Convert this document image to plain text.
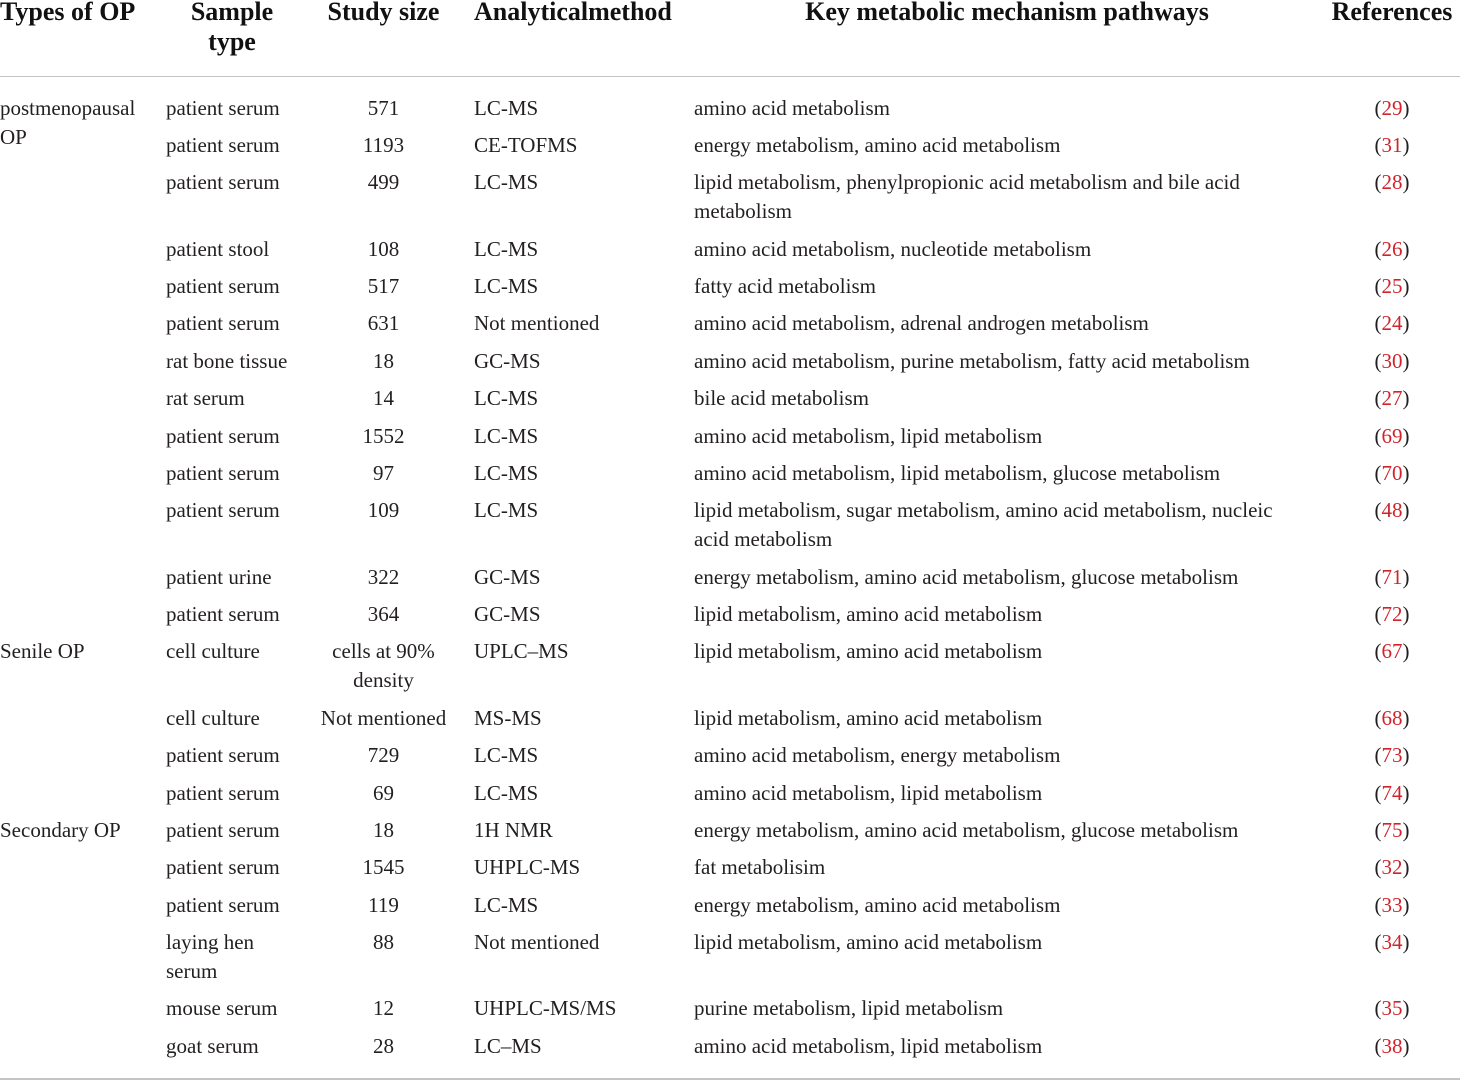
Types of OP	Sample type	Study size	Analyticalmethod	Key metabolic mechanism pathways	References
postmenopausal OP	patient serum	571	LC-MS	amino acid metabolism	( 29 )
	patient serum	1193	CE-TOFMS	energy metabolism, amino acid metabolism	( 31 )
	patient serum	499	LC-MS	lipid metabolism, phenylpropionic acid metabolism and bile acid metabolism	( 28 )
	patient stool	108	LC-MS	amino acid metabolism, nucleotide metabolism	( 26 )
	patient serum	517	LC-MS	fatty acid metabolism	( 25 )
	patient serum	631	Not mentioned	amino acid metabolism, adrenal androgen metabolism	( 24 )
	rat bone tissue	18	GC-MS	amino acid metabolism, purine metabolism, fatty acid metabolism	( 30 )
	rat serum	14	LC-MS	bile acid metabolism	( 27 )
	patient serum	1552	LC-MS	amino acid metabolism, lipid metabolism	( 69 )
	patient serum	97	LC-MS	amino acid metabolism, lipid metabolism, glucose metabolism	( 70 )
	patient serum	109	LC-MS	lipid metabolism, sugar metabolism, amino acid metabolism, nucleic acid metabolism	( 48 )
	patient urine	322	GC-MS	energy metabolism, amino acid metabolism, glucose metabolism	( 71 )
	patient serum	364	GC-MS	lipid metabolism, amino acid metabolism	( 72 )
Senile OP	cell culture	cells at 90% density	UPLC–MS	lipid metabolism, amino acid metabolism	( 67 )
	cell culture	Not mentioned	MS-MS	lipid metabolism, amino acid metabolism	( 68 )
	patient serum	729	LC-MS	amino acid metabolism, energy metabolism	( 73 )
	patient serum	69	LC-MS	amino acid metabolism, lipid metabolism	( 74 )
Secondary OP	patient serum	18	1H NMR	energy metabolism, amino acid metabolism, glucose metabolism	( 75 )
	patient serum	1545	UHPLC-MS	fat metabolisim	( 32 )
	patient serum	119	LC-MS	energy metabolism, amino acid metabolism	( 33 )
	laying hen serum	88	Not mentioned	lipid metabolism, amino acid metabolism	( 34 )
	mouse serum	12	UHPLC-MS/MS	purine metabolism, lipid metabolism	( 35 )
	goat serum	28	LC–MS	amino acid metabolism, lipid metabolism	( 38 )
